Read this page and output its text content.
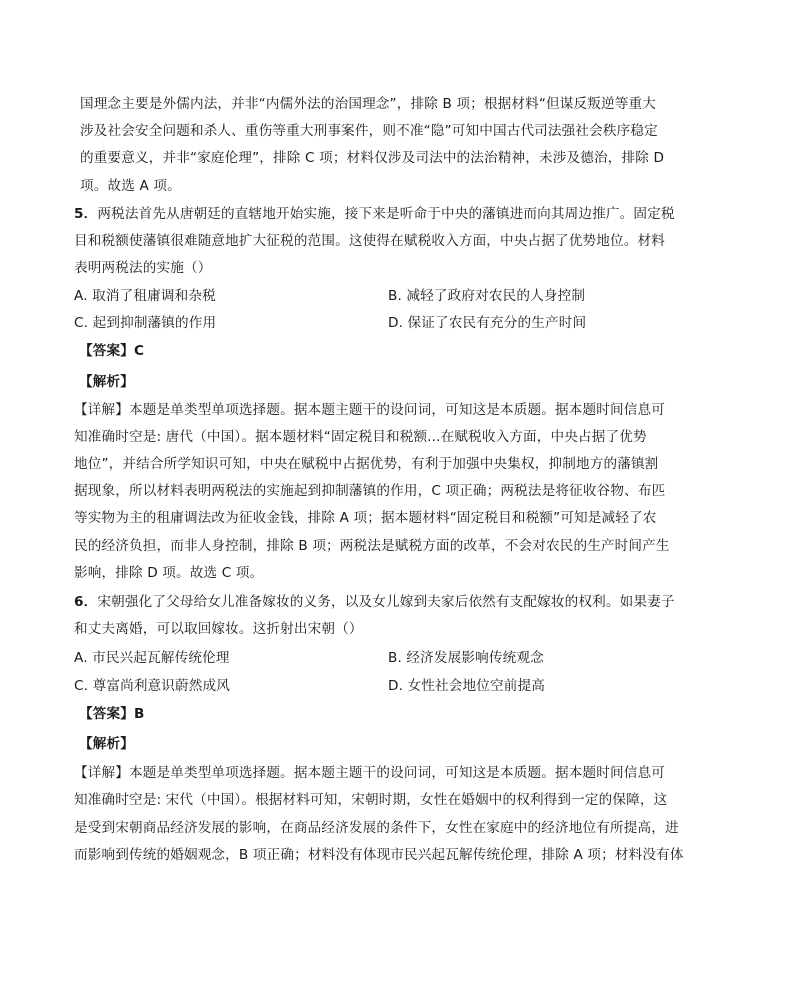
国理念主要是外儒内法，并非“内儒外法的治国理念”，排除 B 项；根据材料“但谋反叛逆等重大
涉及社会安全问题和杀人、重伤等重大刑事案件，则不准“隐”可知中国古代司法强社会秩序稳定
的重要意义，并非“家庭伦理”，排除 C 项；材料仅涉及司法中的法治精神，未涉及德治，排除 D
项。故选 A 项。
5．两税法首先从唐朝廷的直辖地开始实施，接下来是听命于中央的藩镇进而向其周边推广。固定税
目和税额使藩镇很难随意地扩大征税的范围。这使得在赋税收入方面，中央占据了优势地位。材料
表明两税法的实施（）
A. 取消了租庸调和杂税	B. 减轻了政府对农民的人身控制
C. 起到抑制藩镇的作用	D. 保证了农民有充分的生产时间
【答案】C
【解析】
【详解】本题是单类型单项选择题。据本题主题干的设问词，可知这是本质题。据本题时间信息可
知准确时空是: 唐代（中国）。据本题材料“固定税目和税额...在赋税收入方面，中央占据了优势
地位”，并结合所学知识可知，中央在赋税中占据优势，有利于加强中央集权，抑制地方的藩镇割
据现象，所以材料表明两税法的实施起到抑制藩镇的作用，C 项正确；两税法是将征收谷物、布匹
等实物为主的租庸调法改为征收金钱，排除 A 项；据本题材料“固定税目和税额”可知是减轻了农
民的经济负担，而非人身控制，排除 B 项；两税法是赋税方面的改革，不会对农民的生产时间产生
影响，排除 D 项。故选 C 项。
6．宋朝强化了父母给女儿准备嫁妆的义务，以及女儿嫁到夫家后依然有支配嫁妆的权利。如果妻子
和丈夫离婚，可以取回嫁妆。这折射出宋朝（）
A. 市民兴起瓦解传统伦理	B. 经济发展影响传统观念
C. 尊富尚利意识蔚然成风	D. 女性社会地位空前提高
【答案】B
【解析】
【详解】本题是单类型单项选择题。据本题主题干的设问词，可知这是本质题。据本题时间信息可
知准确时空是: 宋代（中国）。根据材料可知，宋朝时期，女性在婚姻中的权利得到一定的保障，这
是受到宋朝商品经济发展的影响，在商品经济发展的条件下，女性在家庭中的经济地位有所提高，进
而影响到传统的婚姻观念，B 项正确；材料没有体现市民兴起瓦解传统伦理，排除 A 项；材料没有体
